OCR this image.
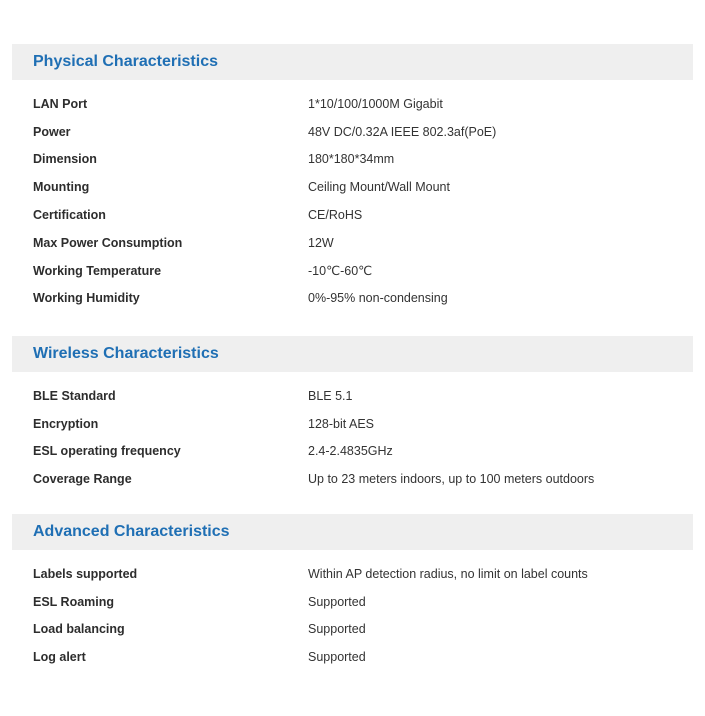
Physical Characteristics
LAN Port	1*10/100/1000M Gigabit
Power	48V DC/0.32A IEEE 802.3af(PoE)
Dimension	180*180*34mm
Mounting	Ceiling Mount/Wall Mount
Certification	CE/RoHS
Max Power Consumption	12W
Working Temperature	-10℃-60℃
Working Humidity	0%-95% non-condensing
Wireless Characteristics
BLE Standard	BLE 5.1
Encryption	128-bit AES
ESL operating frequency	2.4-2.4835GHz
Coverage Range	Up to 23 meters indoors, up to 100 meters outdoors
Advanced Characteristics
Labels supported	Within AP detection radius, no limit on label counts
ESL Roaming	Supported
Load balancing	Supported
Log alert	Supported
